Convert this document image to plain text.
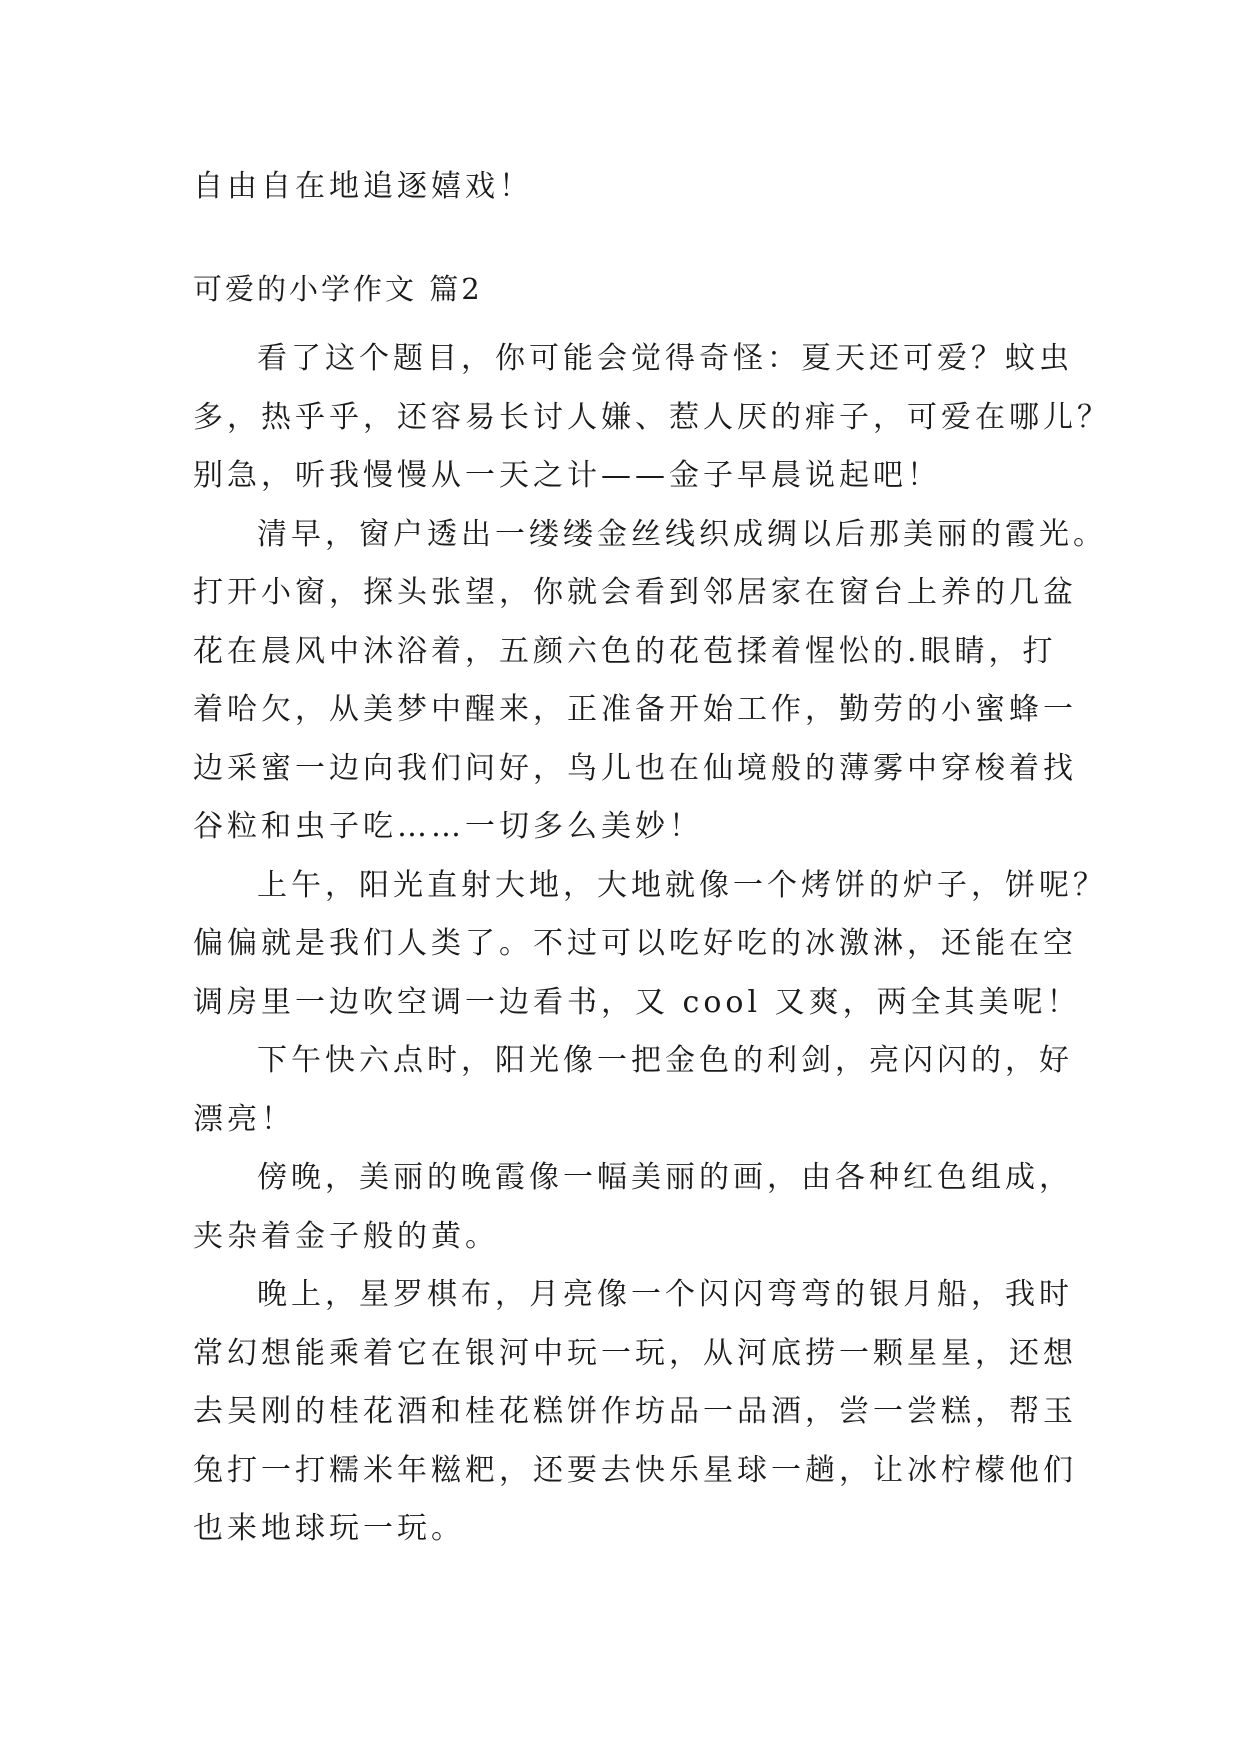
自由自在地追逐嬉戏！
可爱的小学作文 篇2
看了这个题目，你可能会觉得奇怪：夏天还可爱？蚊虫
多，热乎乎，还容易长讨人嫌、惹人厌的痱子，可爱在哪儿？
别急，听我慢慢从一天之计——金子早晨说起吧！
清早，窗户透出一缕缕金丝线织成绸以后那美丽的霞光。
打开小窗，探头张望，你就会看到邻居家在窗台上养的几盆
花在晨风中沐浴着，五颜六色的花苞揉着惺忪的.眼睛，打
着哈欠，从美梦中醒来，正准备开始工作，勤劳的小蜜蜂一
边采蜜一边向我们问好，鸟儿也在仙境般的薄雾中穿梭着找
谷粒和虫子吃……一切多么美妙！
上午，阳光直射大地，大地就像一个烤饼的炉子，饼呢？
偏偏就是我们人类了。不过可以吃好吃的冰激淋，还能在空
调房里一边吹空调一边看书，又 cool 又爽，两全其美呢！
下午快六点时，阳光像一把金色的利剑，亮闪闪的，好
漂亮！
傍晚，美丽的晚霞像一幅美丽的画，由各种红色组成，
夹杂着金子般的黄。
晚上，星罗棋布，月亮像一个闪闪弯弯的银月船，我时
常幻想能乘着它在银河中玩一玩，从河底捞一颗星星，还想
去吴刚的桂花酒和桂花糕饼作坊品一品酒，尝一尝糕，帮玉
兔打一打糯米年糍粑，还要去快乐星球一趟，让冰柠檬他们
也来地球玩一玩。
